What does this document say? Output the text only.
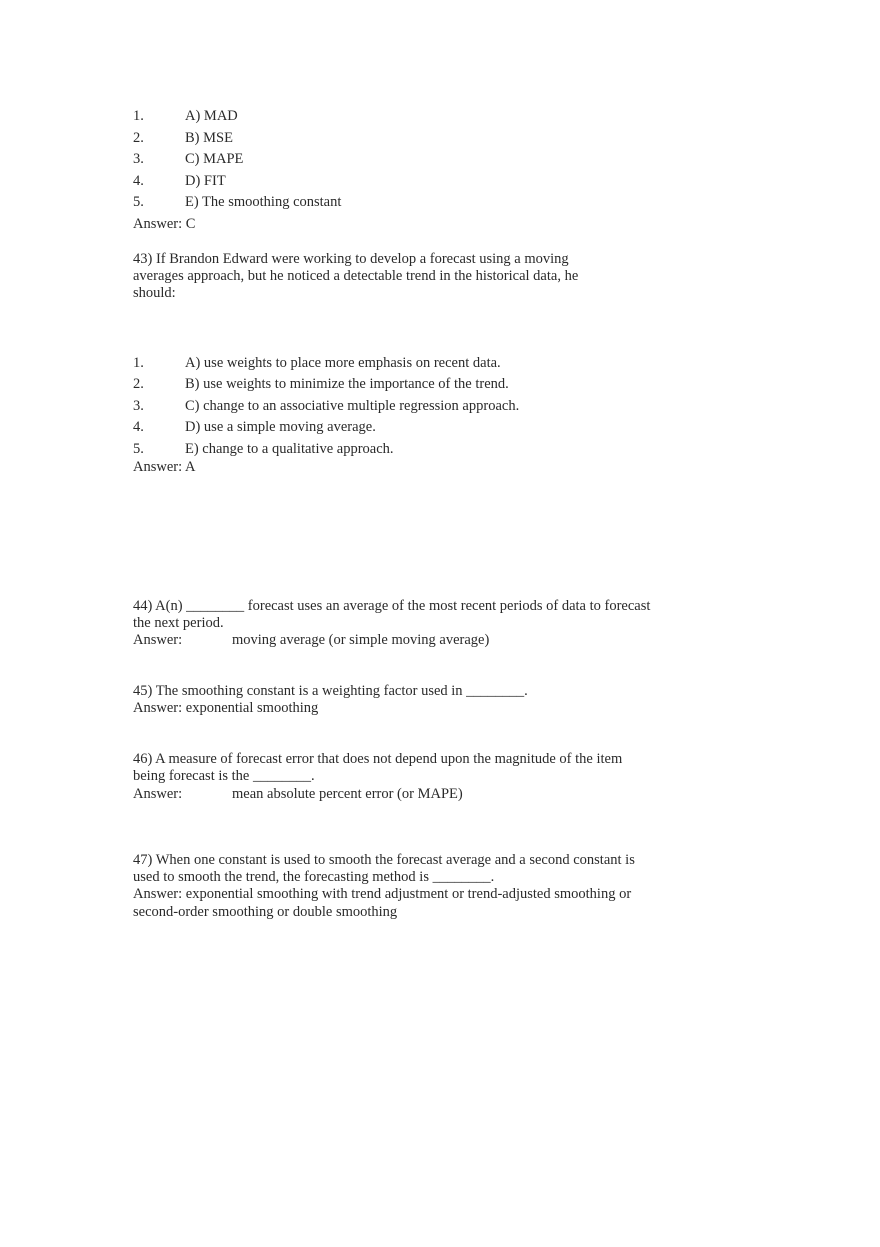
1.	A) MAD
2.	B) MSE
3.	C) MAPE
4.	D) FIT
5.	E) The smoothing constant
Answer: C
43) If Brandon Edward were working to develop a forecast using a moving
averages approach, but he noticed a detectable trend in the historical data, he
should:
1.	A) use weights to place more emphasis on recent data.
2.	B) use weights to minimize the importance of the trend.
3.	C) change to an associative multiple regression approach.
4.	D) use a simple moving average.
5.	E) change to a qualitative approach.
Answer: A
44) A(n) ________ forecast uses an average of the most recent periods of data to forecast
the next period.
Answer:	moving average (or simple moving average)
45) The smoothing constant is a weighting factor used in ________.
Answer: exponential smoothing
46) A measure of forecast error that does not depend upon the magnitude of the item
being forecast is the ________.
Answer:	mean absolute percent error (or MAPE)
47) When one constant is used to smooth the forecast average and a second constant is
used to smooth the trend, the forecasting method is ________.
Answer: exponential smoothing with trend adjustment or trend-adjusted smoothing or
second-order smoothing or double smoothing
